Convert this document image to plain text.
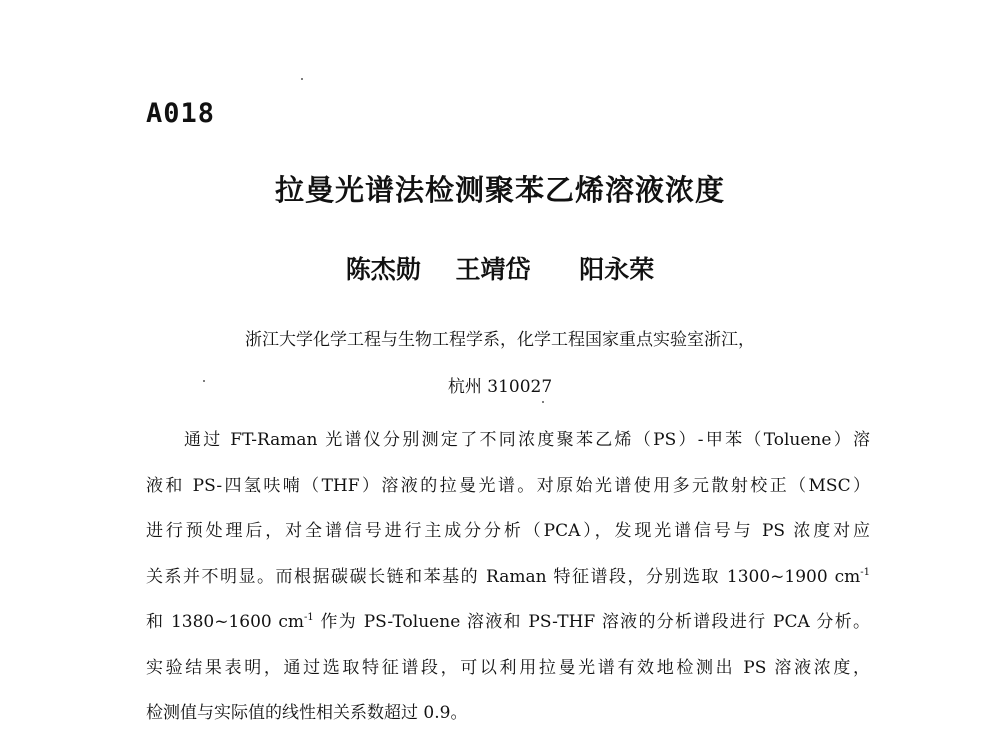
A018
拉曼光谱法检测聚苯乙烯溶液浓度
陈杰勋 王靖岱 阳永荣
浙江大学化学工程与生物工程学系，化学工程国家重点实验室浙江，
杭州 310027
通过 FT-Raman 光谱仪分别测定了不同浓度聚苯乙烯（PS）-甲苯（Toluene）溶
液和 PS-四氢呋喃（THF）溶液的拉曼光谱。对原始光谱使用多元散射校正（MSC）
进行预处理后，对全谱信号进行主成分分析（PCA），发现光谱信号与 PS 浓度对应
关系并不明显。而根据碳碳长链和苯基的 Raman 特征谱段，分别选取 1300~1900 $cm^{-1}$
和 1380~1600 $cm^{-1}$ 作为 PS-Toluene 溶液和 PS-THF 溶液的分析谱段进行 PCA 分析。
实验结果表明，通过选取特征谱段，可以利用拉曼光谱有效地检测出 PS 溶液浓度，
检测值与实际值的线性相关系数超过 0.9。
